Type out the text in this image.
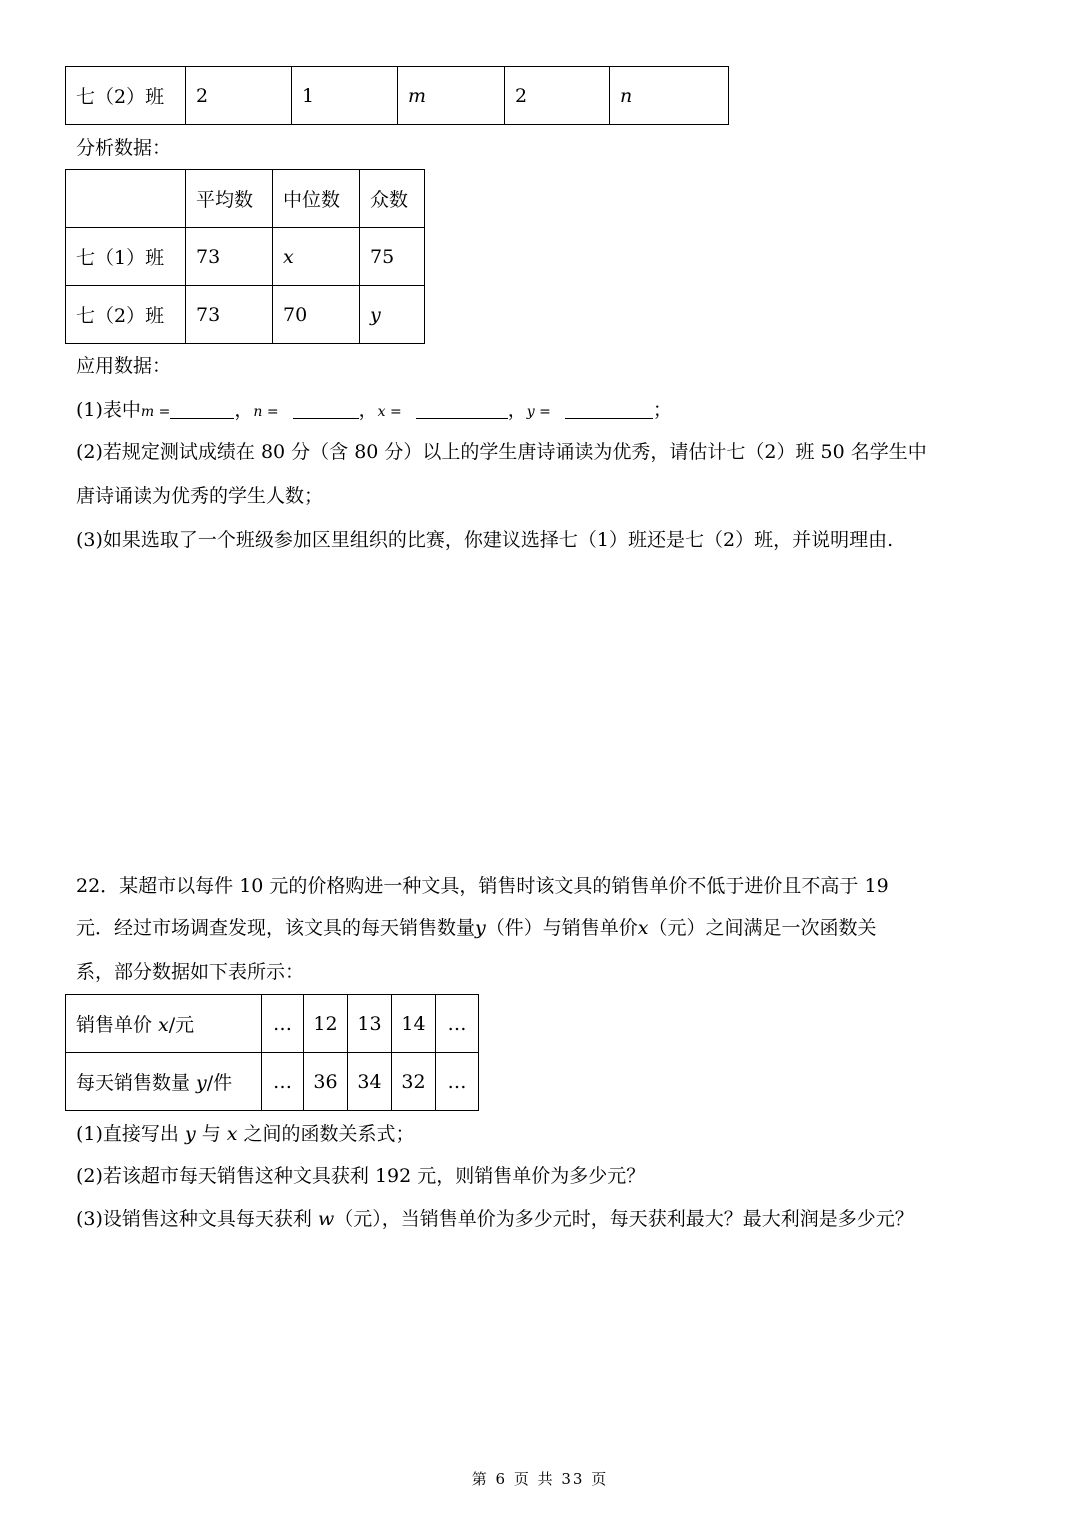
七（2）班	2	1	m	2	n
分析数据：
	平均数	中位数	众数
七（1）班	73	x	75
七（2）班	73	70	y
应用数据：
(1)表中m =	，n =	，x =	，y =	；
(2)若规定测试成绩在 80 分（含 80 分）以上的学生唐诗诵读为优秀，请估计七（2）班 50 名学生中
唐诗诵读为优秀的学生人数；
(3)如果选取了一个班级参加区里组织的比赛，你建议选择七（1）班还是七（2）班，并说明理由.
22．某超市以每件 10 元的价格购进一种文具，销售时该文具的销售单价不低于进价且不高于 19
元．经过市场调查发现，该文具的每天销售数量y（件）与销售单价x（元）之间满足一次函数关
系，部分数据如下表所示：
销售单价 x/元	…	12	13	14	…
每天销售数量 y/件	…	36	34	32	…
(1)直接写出 y 与 x 之间的函数关系式；
(2)若该超市每天销售这种文具获利 192 元，则销售单价为多少元？
(3)设销售这种文具每天获利 w（元），当销售单价为多少元时，每天获利最大？最大利润是多少元？
第 6 页 共 33 页
